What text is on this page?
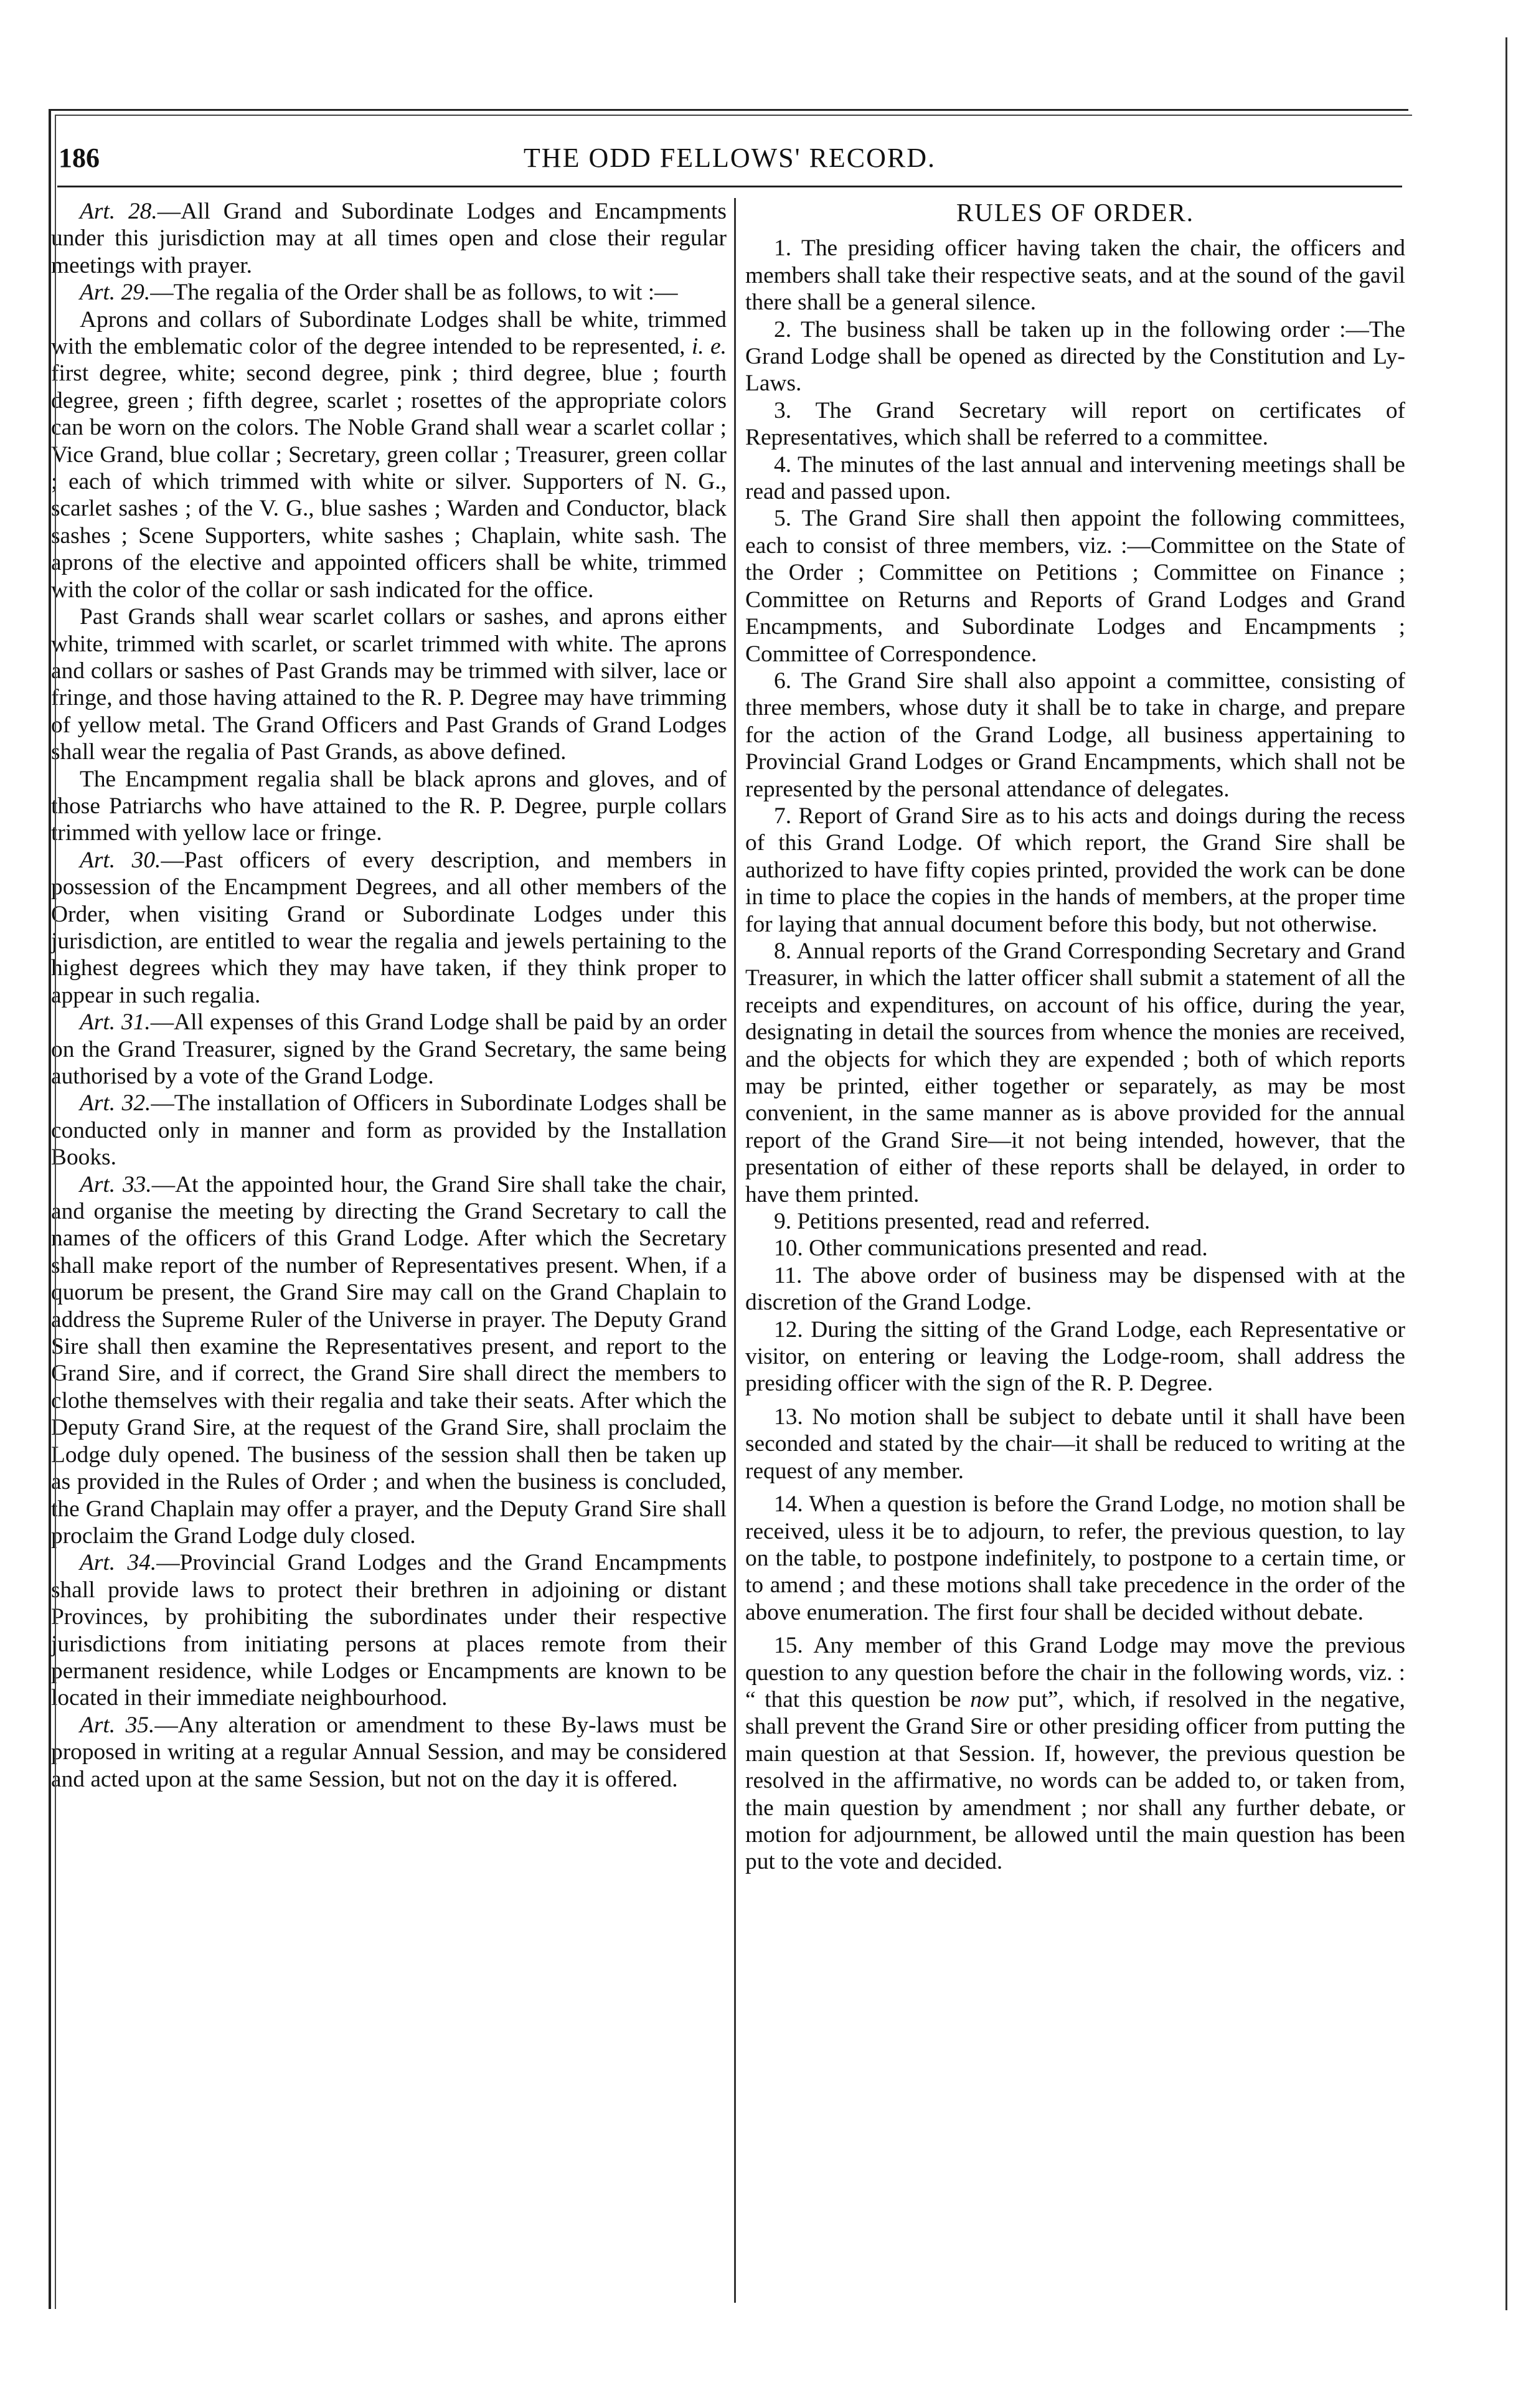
186	THE ODD FELLOWS' RECORD.

Art. 28.—All Grand and Subordinate Lodges and Encampments under this jurisdiction may at all times open and close their regular meetings with prayer.

Art. 29.—The regalia of the Order shall be as follows, to wit :—

Aprons and collars of Subordinate Lodges shall be white, trimmed with the emblematic color of the degree intended to be represented, i. e. first degree, white; second degree, pink ; third degree, blue ; fourth degree, green ; fifth degree, scarlet ; rosettes of the appropriate colors can be worn on the colors. The Noble Grand shall wear a scarlet collar ; Vice Grand, blue collar ; Secretary, green collar ; Treasurer, green collar ; each of which trimmed with white or silver. Supporters of N. G., scarlet sashes ; of the V. G., blue sashes ; Warden and Conductor, black sashes ; Scene Supporters, white sashes ; Chaplain, white sash. The aprons of the elective and appointed officers shall be white, trimmed with the color of the collar or sash indicated for the office.

Past Grands shall wear scarlet collars or sashes, and aprons either white, trimmed with scarlet, or scarlet trimmed with white. The aprons and collars or sashes of Past Grands may be trimmed with silver, lace or fringe, and those having attained to the R. P. Degree may have trimming of yellow metal. The Grand Officers and Past Grands of Grand Lodges shall wear the regalia of Past Grands, as above defined.

The Encampment regalia shall be black aprons and gloves, and of those Patriarchs who have attained to the R. P. Degree, purple collars trimmed with yellow lace or fringe.

Art. 30.—Past officers of every description, and members in possession of the Encampment Degrees, and all other members of the Order, when visiting Grand or Subordinate Lodges under this jurisdiction, are entitled to wear the regalia and jewels pertaining to the highest degrees which they may have taken, if they think proper to appear in such regalia.

Art. 31.—All expenses of this Grand Lodge shall be paid by an order on the Grand Treasurer, signed by the Grand Secretary, the same being authorised by a vote of the Grand Lodge.

Art. 32.—The installation of Officers in Subordinate Lodges shall be conducted only in manner and form as provided by the Installation Books.

Art. 33.—At the appointed hour, the Grand Sire shall take the chair, and organise the meeting by directing the Grand Secretary to call the names of the officers of this Grand Lodge. After which the Secretary shall make report of the number of Representatives present. When, if a quorum be present, the Grand Sire may call on the Grand Chaplain to address the Supreme Ruler of the Universe in prayer. The Deputy Grand Sire shall then examine the Representatives present, and report to the Grand Sire, and if correct, the Grand Sire shall direct the members to clothe themselves with their regalia and take their seats. After which the Deputy Grand Sire, at the request of the Grand Sire, shall proclaim the Lodge duly opened. The business of the session shall then be taken up as provided in the Rules of Order ; and when the business is concluded, the Grand Chaplain may offer a prayer, and the Deputy Grand Sire shall proclaim the Grand Lodge duly closed.

Art. 34.—Provincial Grand Lodges and the Grand Encampments shall provide laws to protect their brethren in adjoining or distant Provinces, by prohibiting the subordinates under their respective jurisdictions from initiating persons at places remote from their permanent residence, while Lodges or Encampments are known to be located in their immediate neighbourhood.

Art. 35.—Any alteration or amendment to these By-laws must be proposed in writing at a regular Annual Session, and may be considered and acted upon at the same Session, but not on the day it is offered.

RULES OF ORDER.

1. The presiding officer having taken the chair, the officers and members shall take their respective seats, and at the sound of the gavil there shall be a general silence.

2. The business shall be taken up in the following order :—The Grand Lodge shall be opened as directed by the Constitution and Ly-Laws.

3. The Grand Secretary will report on certificates of Representatives, which shall be referred to a committee.

4. The minutes of the last annual and intervening meetings shall be read and passed upon.

5. The Grand Sire shall then appoint the following committees, each to consist of three members, viz. :—Committee on the State of the Order ; Committee on Petitions ; Committee on Finance ; Committee on Returns and Reports of Grand Lodges and Grand Encampments, and Subordinate Lodges and Encampments ; Committee of Correspondence.

6. The Grand Sire shall also appoint a committee, consisting of three members, whose duty it shall be to take in charge, and prepare for the action of the Grand Lodge, all business appertaining to Provincial Grand Lodges or Grand Encampments, which shall not be represented by the personal attendance of delegates.

7. Report of Grand Sire as to his acts and doings during the recess of this Grand Lodge. Of which report, the Grand Sire shall be authorized to have fifty copies printed, provided the work can be done in time to place the copies in the hands of members, at the proper time for laying that annual document before this body, but not otherwise.

8. Annual reports of the Grand Corresponding Secretary and Grand Treasurer, in which the latter officer shall submit a statement of all the receipts and expenditures, on account of his office, during the year, designating in detail the sources from whence the monies are received, and the objects for which they are expended ; both of which reports may be printed, either together or separately, as may be most convenient, in the same manner as is above provided for the annual report of the Grand Sire—it not being intended, however, that the presentation of either of these reports shall be delayed, in order to have them printed.

9. Petitions presented, read and referred.

10. Other communications presented and read.

11. The above order of business may be dispensed with at the discretion of the Grand Lodge.

12. During the sitting of the Grand Lodge, each Representative or visitor, on entering or leaving the Lodge-room, shall address the presiding officer with the sign of the R. P. Degree.

13. No motion shall be subject to debate until it shall have been seconded and stated by the chair—it shall be reduced to writing at the request of any member.

14. When a question is before the Grand Lodge, no motion shall be received, uless it be to adjourn, to refer, the previous question, to lay on the table, to postpone indefinitely, to postpone to a certain time, or to amend ; and these motions shall take precedence in the order of the above enumeration. The first four shall be decided without debate.

15. Any member of this Grand Lodge may move the previous question to any question before the chair in the following words, viz. : “ that this question be now put”, which, if resolved in the negative, shall prevent the Grand Sire or other presiding officer from putting the main question at that Session. If, however, the previous question be resolved in the affirmative, no words can be added to, or taken from, the main question by amendment ; nor shall any further debate, or motion for adjournment, be allowed until the main question has been put to the vote and decided.
